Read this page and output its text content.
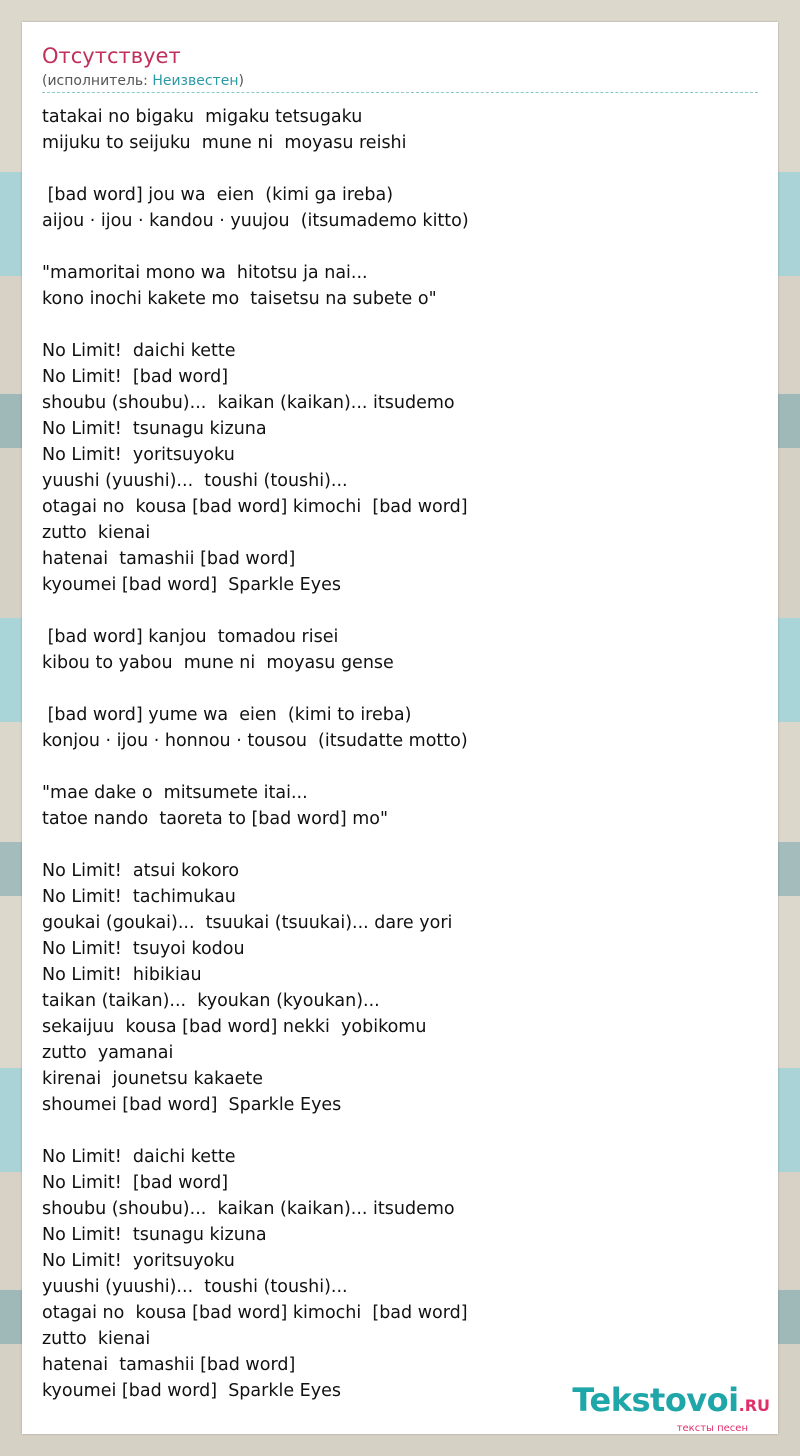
Отсутствует
(исполнитель: Неизвестен)
tatakai no bigaku  migaku tetsugaku
mijuku to seijuku  mune ni  moyasu reishi
[bad word] jou wa  eien  (kimi ga ireba)
aijou · ijou · kandou · yuujou  (itsumademo kitto)
"mamoritai mono wa  hitotsu ja nai...
kono inochi kakete mo  taisetsu na subete o"
No Limit!  daichi kette
No Limit!  [bad word]
shoubu (shoubu)...  kaikan (kaikan)... itsudemo
No Limit!  tsunagu kizuna
No Limit!  yoritsuyoku
yuushi (yuushi)...  toushi (toushi)...
otagai no  kousa [bad word] kimochi  [bad word]
zutto  kienai
hatenai  tamashii [bad word]
kyoumei [bad word]  Sparkle Eyes
[bad word] kanjou  tomadou risei
kibou to yabou  mune ni  moyasu gense
[bad word] yume wa  eien  (kimi to ireba)
konjou · ijou · honnou · tousou  (itsudatte motto)
"mae dake o  mitsumete itai...
tatoe nando  taoreta to [bad word] mo"
No Limit!  atsui kokoro
No Limit!  tachimukau
goukai (goukai)...  tsuukai (tsuukai)... dare yori
No Limit!  tsuyoi kodou
No Limit!  hibikiau
taikan (taikan)...  kyoukan (kyoukan)...
sekaijuu  kousa [bad word] nekki  yobikomu
zutto  yamanai
kirenai  jounetsu kakaete
shoumei [bad word]  Sparkle Eyes
No Limit!  daichi kette
No Limit!  [bad word]
shoubu (shoubu)...  kaikan (kaikan)... itsudemo
No Limit!  tsunagu kizuna
No Limit!  yoritsuyoku
yuushi (yuushi)...  toushi (toushi)...
otagai no  kousa [bad word] kimochi  [bad word]
zutto  kienai
hatenai  tamashii [bad word]
kyoumei [bad word]  Sparkle Eyes	Tekstovoi.RU
тексты песен
